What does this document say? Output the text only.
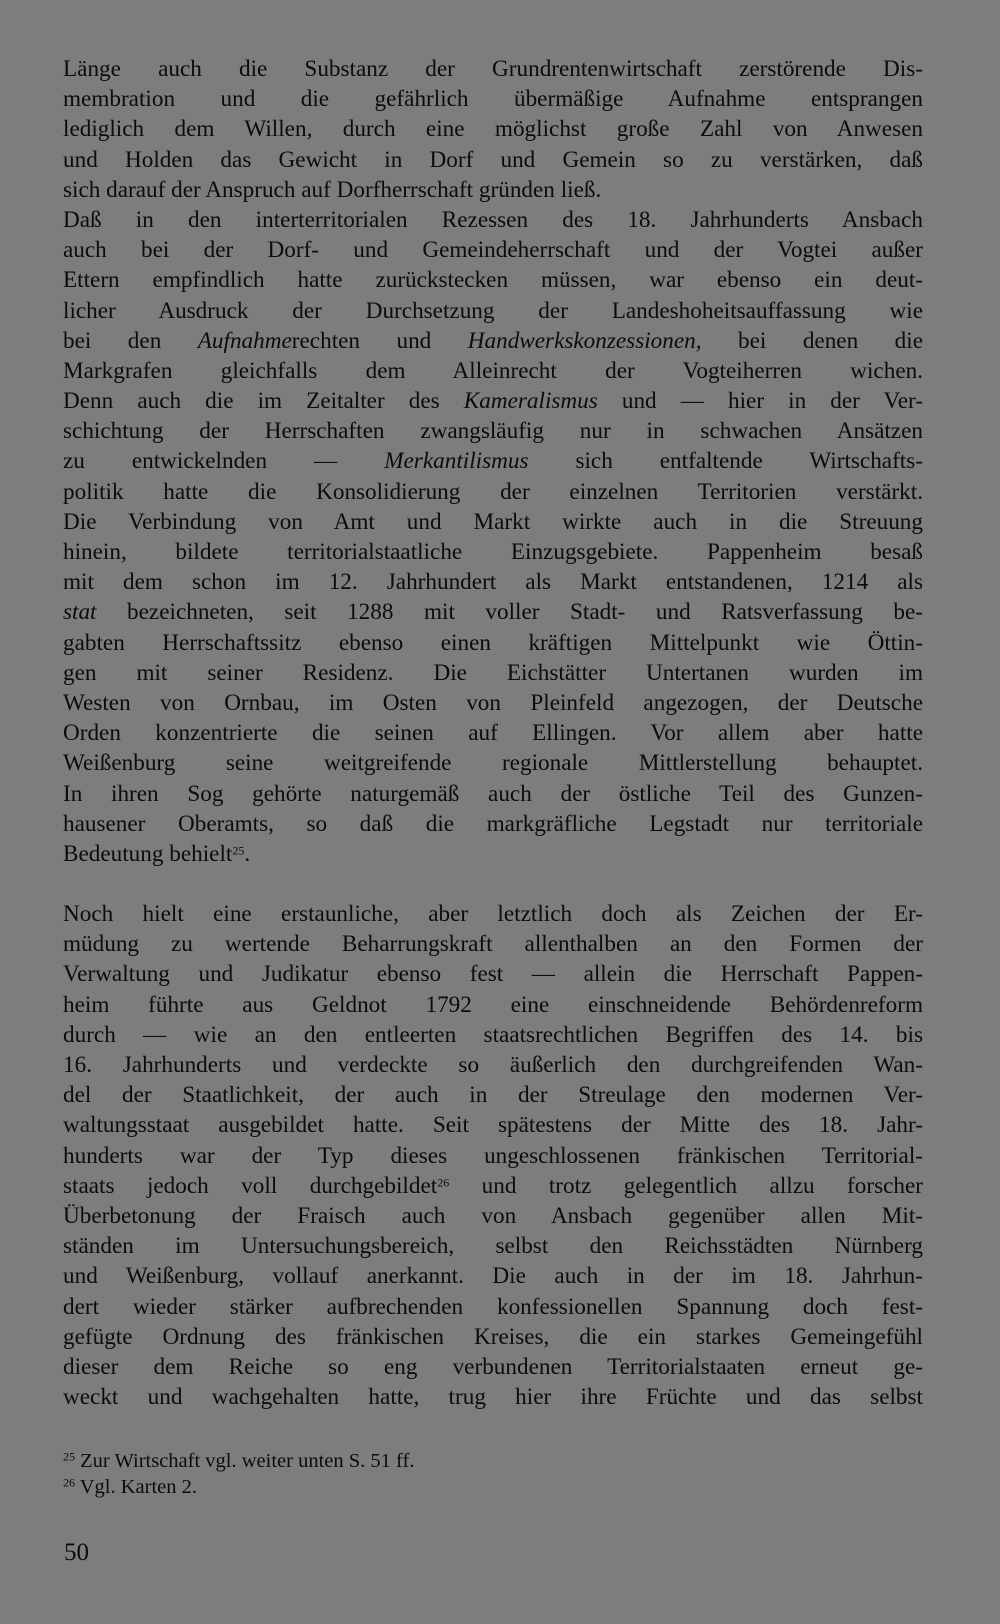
Länge auch die Substanz der Grundrentenwirtschaft zerstörende Dis-

membration und die gefährlich übermäßige Aufnahme entsprangen

lediglich dem Willen, durch eine möglichst große Zahl von Anwesen

und Holden das Gewicht in Dorf und Gemein so zu verstärken, daß

sich darauf der Anspruch auf Dorfherrschaft gründen ließ.

Daß in den interterritorialen Rezessen des 18. Jahrhunderts Ansbach

auch bei der Dorf- und Gemeindeherrschaft und der Vogtei außer

Ettern empfindlich hatte zurückstecken müssen, war ebenso ein deut-

licher Ausdruck der Durchsetzung der Landeshoheitsauffassung wie

bei den Aufnahmerechten und Handwerkskonzessionen, bei denen die

Markgrafen gleichfalls dem Alleinrecht der Vogteiherren wichen.

Denn auch die im Zeitalter des Kameralismus und — hier in der Ver-

schichtung der Herrschaften zwangsläufig nur in schwachen Ansätzen

zu entwickelnden — Merkantilismus sich entfaltende Wirtschafts-

politik hatte die Konsolidierung der einzelnen Territorien verstärkt.

Die Verbindung von Amt und Markt wirkte auch in die Streuung

hinein, bildete territorialstaatliche Einzugsgebiete. Pappenheim besaß

mit dem schon im 12. Jahrhundert als Markt entstandenen, 1214 als

stat bezeichneten, seit 1288 mit voller Stadt- und Ratsverfassung be-

gabten Herrschaftssitz ebenso einen kräftigen Mittelpunkt wie Öttin-

gen mit seiner Residenz. Die Eichstätter Untertanen wurden im

Westen von Ornbau, im Osten von Pleinfeld angezogen, der Deutsche

Orden konzentrierte die seinen auf Ellingen. Vor allem aber hatte

Weißenburg seine weitgreifende regionale Mittlerstellung behauptet.

In ihren Sog gehörte naturgemäß auch der östliche Teil des Gunzen-

hausener Oberamts, so daß die markgräfliche Legstadt nur territoriale

Bedeutung behielt$^{25}$.

Noch hielt eine erstaunliche, aber letztlich doch als Zeichen der Er-

müdung zu wertende Beharrungskraft allenthalben an den Formen der

Verwaltung und Judikatur ebenso fest — allein die Herrschaft Pappen-

heim führte aus Geldnot 1792 eine einschneidende Behördenreform

durch — wie an den entleerten staatsrechtlichen Begriffen des 14. bis

16. Jahrhunderts und verdeckte so äußerlich den durchgreifenden Wan-

del der Staatlichkeit, der auch in der Streulage den modernen Ver-

waltungsstaat ausgebildet hatte. Seit spätestens der Mitte des 18. Jahr-

hunderts war der Typ dieses ungeschlossenen fränkischen Territorial-

staats jedoch voll durchgebildet$^{26}$ und trotz gelegentlich allzu forscher

Überbetonung der Fraisch auch von Ansbach gegenüber allen Mit-

ständen im Untersuchungsbereich, selbst den Reichsstädten Nürnberg

und Weißenburg, vollauf anerkannt. Die auch in der im 18. Jahrhun-

dert wieder stärker aufbrechenden konfessionellen Spannung doch fest-

gefügte Ordnung des fränkischen Kreises, die ein starkes Gemeingefühl

dieser dem Reiche so eng verbundenen Territorialstaaten erneut ge-

weckt und wachgehalten hatte, trug hier ihre Früchte und das selbst

$^{25}$ Zur Wirtschaft vgl. weiter unten S. 51 ff.

$^{26}$ Vgl. Karten 2.

50
